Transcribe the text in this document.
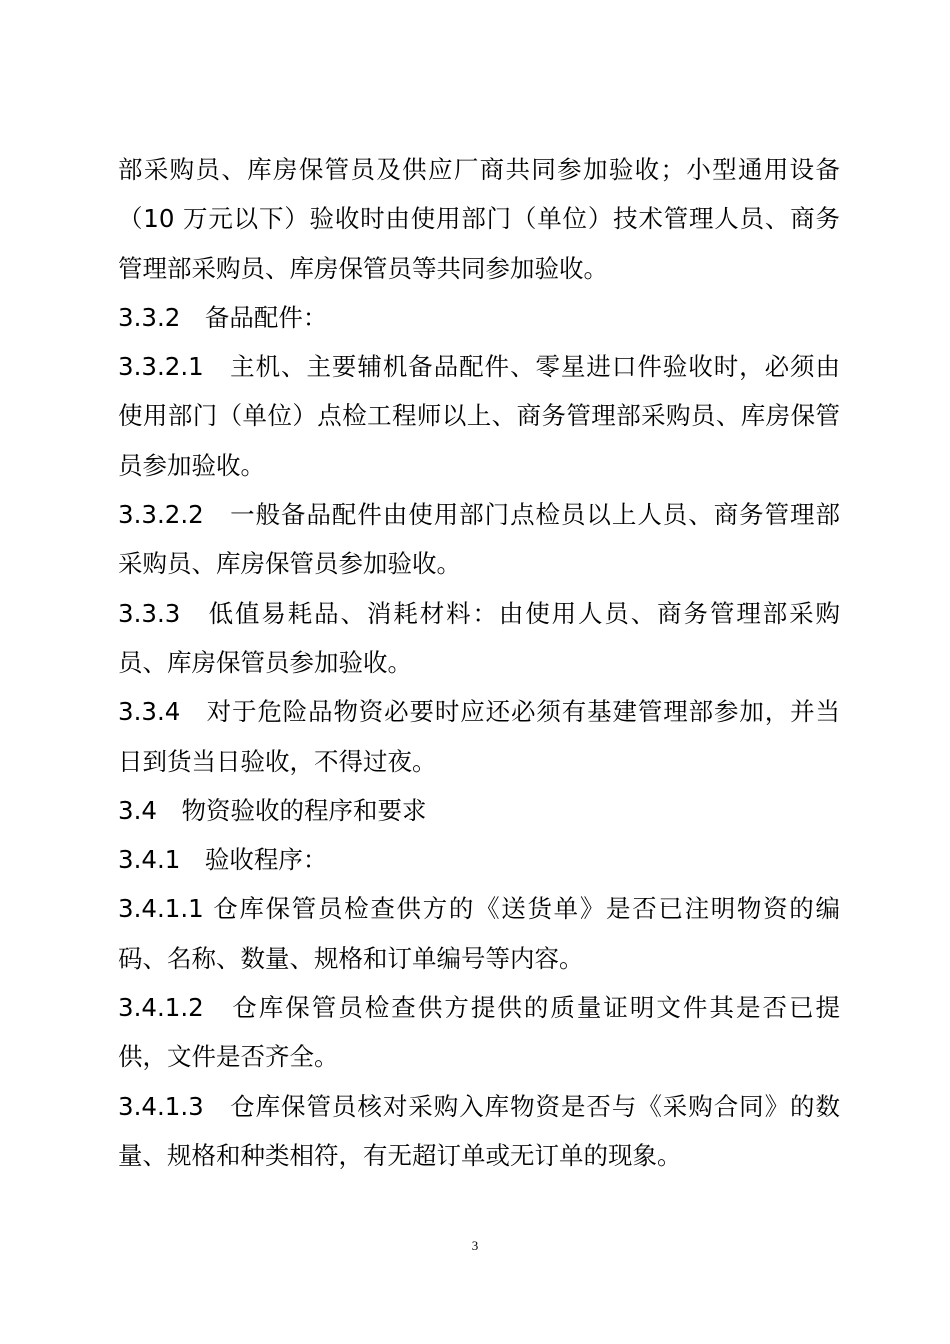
部采购员、库房保管员及供应厂商共同参加验收；小型通用设备（10 万元以下）验收时由使用部门（单位）技术管理人员、商务管理部采购员、库房保管员等共同参加验收。

3.3.2　备品配件：

3.3.2.1　主机、主要辅机备品配件、零星进口件验收时，必须由使用部门（单位）点检工程师以上、商务管理部采购员、库房保管员参加验收。

3.3.2.2　一般备品配件由使用部门点检员以上人员、商务管理部采购员、库房保管员参加验收。

3.3.3　低值易耗品、消耗材料：由使用人员、商务管理部采购员、库房保管员参加验收。

3.3.4　对于危险品物资必要时应还必须有基建管理部参加，并当日到货当日验收，不得过夜。

3.4　物资验收的程序和要求

3.4.1　验收程序：

3.4.1.1 仓库保管员检查供方的《送货单》是否已注明物资的编码、名称、数量、规格和订单编号等内容。

3.4.1.2　仓库保管员检查供方提供的质量证明文件其是否已提供，文件是否齐全。

3.4.1.3　仓库保管员核对采购入库物资是否与《采购合同》的数量、规格和种类相符，有无超订单或无订单的现象。

3
